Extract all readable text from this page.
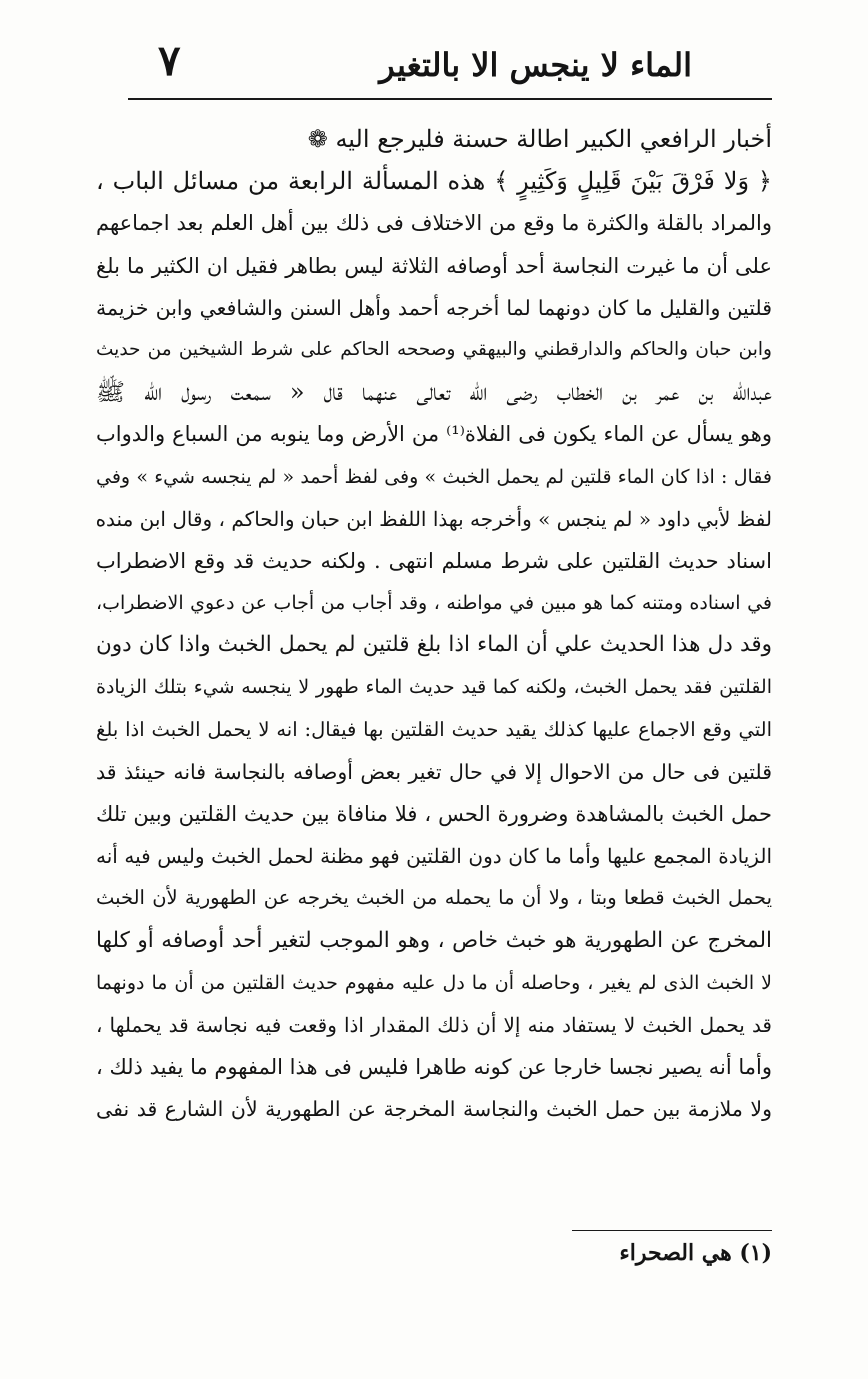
الماء لا ينجس الا بالتغير
٧
أخبار الرافعي الكبير اطالة حسنة فليرجع اليه ❁
﴿ وَلا فَرْقَ بَيْنَ قَلِيلٍ وَكَثِيرٍ ﴾ هذه المسألة الرابعة من مسائل الباب ،
والمراد بالقلة والكثرة ما وقع من الاختلاف فى ذلك بين أهل العلم بعد اجماعهم
على أن ما غيرت النجاسة أحد أوصافه الثلاثة ليس بطاهر فقيل ان الكثير ما بلغ
قلتين والقليل ما كان دونهما لما أخرجه أحمد وأهل السنن والشافعي وابن خزيمة
وابن حبان والحاكم والدارقطني والبيهقي وصححه الحاكم على شرط الشيخين من حديث
عبدالله بن عمر بن الخطاب رضى الله تعالى عنهما قال « سمعت رسول الله ﷺ
وهو يسأل عن الماء يكون فى الفلاة⁽¹⁾ من الأرض وما ينوبه من السباع والدواب
فقال : اذا كان الماء قلتين لم يحمل الخبث » وفى لفظ أحمد « لم ينجسه شيء » وفي
لفظ لأبي داود « لم ينجس » وأخرجه بهذا اللفظ ابن حبان والحاكم ، وقال ابن منده
اسناد حديث القلتين على شرط مسلم انتهى . ولكنه حديث قد وقع الاضطراب
في اسناده ومتنه كما هو مبين في مواطنه ، وقد أجاب من أجاب عن دعوي الاضطراب،
وقد دل هذا الحديث علي أن الماء اذا بلغ قلتين لم يحمل الخبث واذا كان دون
القلتين فقد يحمل الخبث، ولكنه كما قيد حديث الماء طهور لا ينجسه شيء بتلك الزيادة
التي وقع الاجماع عليها كذلك يقيد حديث القلتين بها فيقال: انه لا يحمل الخبث اذا بلغ
قلتين فى حال من الاحوال إلا في حال تغير بعض أوصافه بالنجاسة فانه حينئذ قد
حمل الخبث بالمشاهدة وضرورة الحس ، فلا منافاة بين حديث القلتين وبين تلك
الزيادة المجمع عليها وأما ما كان دون القلتين فهو مظنة لحمل الخبث وليس فيه أنه
يحمل الخبث قطعا وبتا ، ولا أن ما يحمله من الخبث يخرجه عن الطهورية لأن الخبث
المخرج عن الطهورية هو خبث خاص ، وهو الموجب لتغير أحد أوصافه أو كلها
لا الخبث الذى لم يغير ، وحاصله أن ما دل عليه مفهوم حديث القلتين من أن ما دونهما
قد يحمل الخبث لا يستفاد منه إلا أن ذلك المقدار اذا وقعت فيه نجاسة قد يحملها ،
وأما أنه يصير نجسا خارجا عن كونه طاهرا فليس فى هذا المفهوم ما يفيد ذلك ،
ولا ملازمة بين حمل الخبث والنجاسة المخرجة عن الطهورية لأن الشارع قد نفى
(١) هي الصحراء
